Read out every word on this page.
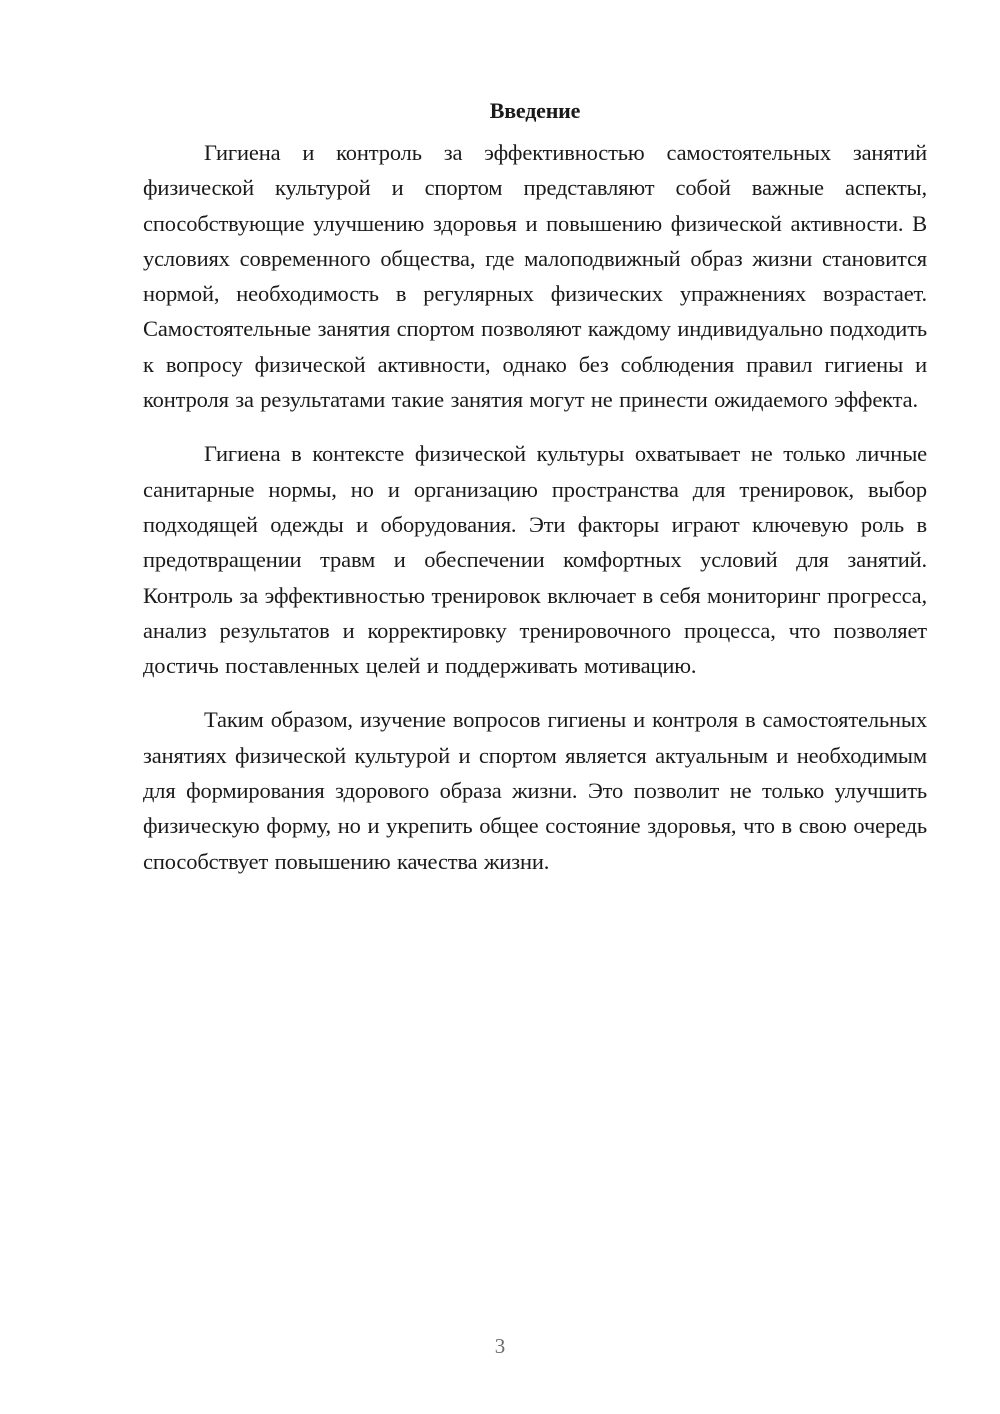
Введение

Гигиена и контроль за эффективностью самостоятельных занятий физической культурой и спортом представляют собой важные аспекты, способствующие улучшению здоровья и повышению физической активности. В условиях современного общества, где малоподвижный образ жизни становится нормой, необходимость в регулярных физических упражнениях возрастает. Самостоятельные занятия спортом позволяют каждому индивидуально подходить к вопросу физической активности, однако без соблюдения правил гигиены и контроля за результатами такие занятия могут не принести ожидаемого эффекта.

Гигиена в контексте физической культуры охватывает не только личные санитарные нормы, но и организацию пространства для тренировок, выбор подходящей одежды и оборудования. Эти факторы играют ключевую роль в предотвращении травм и обеспечении комфортных условий для занятий. Контроль за эффективностью тренировок включает в себя мониторинг прогресса, анализ результатов и корректировку тренировочного процесса, что позволяет достичь поставленных целей и поддерживать мотивацию.

Таким образом, изучение вопросов гигиены и контроля в самостоятельных занятиях физической культурой и спортом является актуальным и необходимым для формирования здорового образа жизни. Это позволит не только улучшить физическую форму, но и укрепить общее состояние здоровья, что в свою очередь способствует повышению качества жизни.

3
